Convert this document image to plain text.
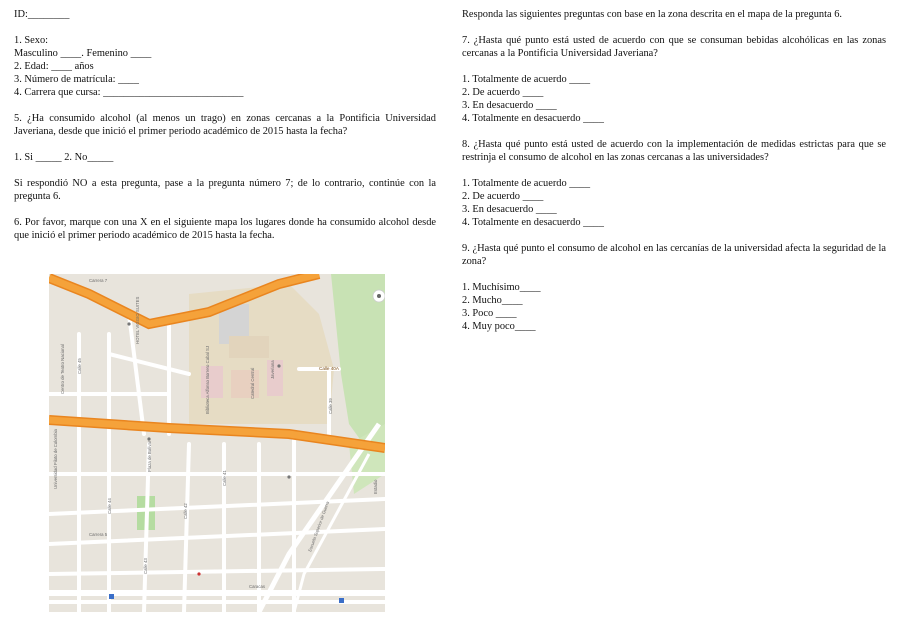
ID:________

1. Sexo:

Masculino ____. Femenino ____

2. Edad: ____ años

3. Número de matrícula: ____

4. Carrera que cursa: ___________________________

5. ¿Ha consumido alcohol (al menos un trago) en zonas cercanas a la Pontificia Universidad Javeriana, desde que inició el primer periodo académico de 2015 hasta la fecha?

1. Si _____ 2. No_____

Si respondió NO a esta pregunta, pase a la pregunta número 7; de lo contrario, continúe con la pregunta 6.

6. Por favor, marque con una X en el siguiente mapa los lugares donde ha consumido alcohol desde que inició el primer periodo académico de 2015 hasta la fecha.

Carrera 7
HOTEL VIGGIO SUITES
Calle 45
Centro de Teatro Nacional	Biblioteca Alfonso Borrero Cabal SJ	Catedral Central	Javeriana	Calle 40A
Universidad Piloto de Colombia	Plaza de Bolívar
Calle 44	Calle 42
Calle 41
Carrera 5
Calle 43
Caracas
Calle 39
Estadio
Escuela Superior de Guerra

Responda las siguientes preguntas con base en la zona descrita en el mapa de la pregunta 6.

7. ¿Hasta qué punto está usted de acuerdo con que se consuman bebidas alcohólicas en las zonas cercanas a la Pontificia Universidad Javeriana?

1. Totalmente de acuerdo ____

2. De acuerdo ____

3. En desacuerdo ____

4. Totalmente en desacuerdo ____

8. ¿Hasta qué punto está usted de acuerdo con la implementación de medidas estrictas para que se restrinja el consumo de alcohol en las zonas cercanas a las universidades?

1. Totalmente de acuerdo ____

2. De acuerdo ____

3. En desacuerdo ____

4. Totalmente en desacuerdo ____

9. ¿Hasta qué punto el consumo de alcohol en las cercanías de la universidad afecta la seguridad de la zona?

1. Muchísimo____

2. Mucho____

3. Poco ____

4. Muy poco____
